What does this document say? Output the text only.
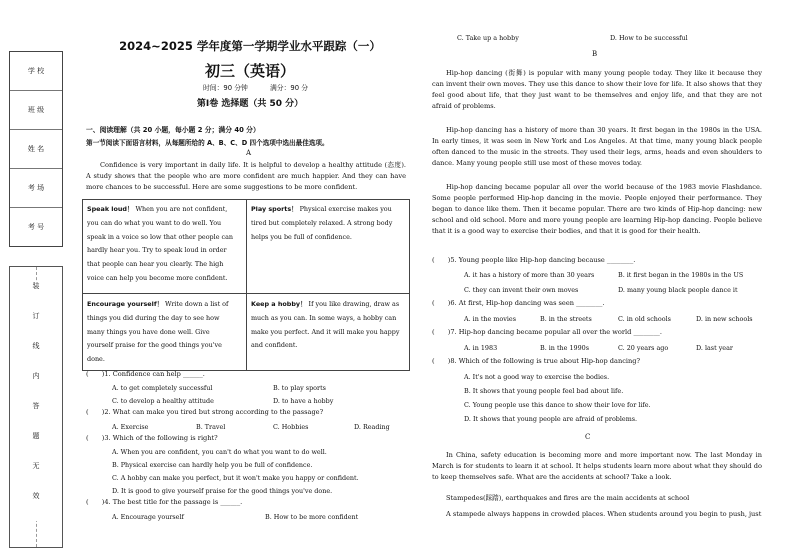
学 校
班 级
姓 名
考 场
考 号
装
订
线
内
答
题
无
效
2024~2025 学年度第一学期学业水平跟踪（一）
初三（英语）
时间：90 分钟	满分：90 分
第Ⅰ卷 选择题（共 50 分）
一、阅读理解（共 20 小题，每小题 2 分；满分 40 分）
第一节阅读下面语言材料，从每题所给的 A、B、C、D 四个选项中选出最佳选项。
A
Confidence is very important in daily life. It is helpful to develop a healthy attitude (态度). A study shows that the people who are more confident are much happier. And they can have more chances to be successful. Here are some suggestions to be more confident.
Speak loud！ When you are not confident, you can do what you want to do well. You speak in a voice so low that other people can hardly hear you. Try to speak loud in order that people can hear you clearly. The high voice can help you become more confident.
Play sports！ Physical exercise makes you tired but completely relaxed. A strong body helps you be full of confidence.
Encourage yourself！ Write down a list of things you did during the day to see how many things you have done well. Give yourself praise for the good things you've done.
Keep a hobby！ If you like drawing, draw as much as you can. In some ways, a hobby can make you perfect. And it will make you happy and confident.
(　　)1. Confidence can help ______.
A. to get completely successful	B. to play sports
C. to develop a healthy attitude	D. to have a hobby
(　　)2. What can make you tired but strong according to the passage?
A. Exercise	B. Travel	C. Hobbies	D. Reading
(　　)3. Which of the following is right?
A. When you are confident, you can't do what you want to do well.
B. Physical exercise can hardly help you be full of confidence.
C. A hobby can make you perfect, but it won't make you happy or confident.
D. It is good to give yourself praise for the good things you've done.
(　　)4. The best title for the passage is ______.
A. Encourage yourself	B. How to be more confident
C. Take up a hobby	D. How to be successful
B
Hip-hop dancing (街舞) is popular with many young people today. They like it because they can invent their own moves. They use this dance to show their love for life. It also shows that they feel good about life, that they just want to be themselves and enjoy life, and that they are not afraid of problems.
Hip-hop dancing has a history of more than 30 years. It first began in the 1980s in the USA. In early times, it was seen in New York and Los Angeles. At that time, many young black people often danced to the music in the streets. They used their legs, arms, heads and even shoulders to dance. Many young people still use most of these moves today.
Hip-hop dancing became popular all over the world because of the 1983 movie Flashdance. Some people performed Hip-hop dancing in the movie. People enjoyed their performance. They began to dance like them. Then it became popular. There are two kinds of Hip-hop dancing: new school and old school. More and more young people are learning Hip-hop dancing. People believe that it is a good way to exercise their bodies, and that it is good for their health.
(　　)5. Young people like Hip-hop dancing because ________.
A. it has a history of more than 30 years	B. it first began in the 1980s in the US
C. they can invent their own moves	D. many young black people dance it
(　　)6. At first, Hip-hop dancing was seen ________.
A. in the movies	B. in the streets	C. in old schools	D. in new schools
(　　)7. Hip-hop dancing became popular all over the world ________.
A. in 1983	B. in the 1990s	C. 20 years ago	D. last year
(　　)8. Which of the following is true about Hip-hop dancing?
A. It's not a good way to exercise the bodies.
B. It shows that young people feel bad about life.
C. Young people use this dance to show their love for life.
D. It shows that young people are afraid of problems.
C
In China, safety education is becoming more and more important now. The last Monday in March is for students to learn it at school. It helps students learn more about what they should do to keep themselves safe. What are the accidents at school? Take a look.
Stampedes(踩踏), earthquakes and fires are the main accidents at school
A stampede always happens in crowded places. When students around you begin to push, just
